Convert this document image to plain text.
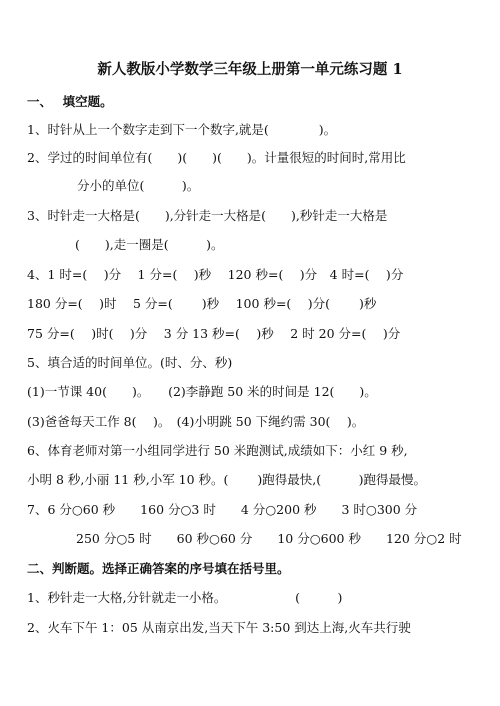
新人教版小学数学三年级上册第一单元练习题 1
一、　 填空题。
1、时针从上一个数字走到下一个数字,就是(　　　　)。
2、学过的时间单位有(　　)(　　)(　　)。计量很短的时间时,常用比
分小的单位(　　　)。
3、时针走一大格是(　　),分针走一大格是(　　),秒针走一大格是
(　　),走一圈是(　　　)。
4、1 时=(　 )分　 1 分=(　 )秒　 120 秒=(　 )分　4 时=(　 )分
180 分=(　 )时　 5 分=(　　 )秒　 100 秒=(　 )分(　　 )秒
75 分=(　 )时(　 )分　 3 分 13 秒=(　 )秒　 2 时 20 分=(　 )分
5、填合适的时间单位。(时、分、秒)
(1)一节课 40(　　)。　　(2)李静跑 50 米的时间是 12(　　)。
(3)爸爸每天工作 8(　 )。　(4)小明跳 50 下绳约需 30(　 )。
6、体育老师对第一小组同学进行 50 米跑测试,成绩如下：小红 9 秒,
小明 8 秒,小丽 11 秒,小军 10 秒。(　　 )跑得最快,(　　　)跑得最慢。
7、6 分○60 秒　　160 分○3 时　　4 分○200 秒　　3 时○300 分
250 分○5 时　　60 秒○60 分　　10 分○600 秒　　120 分○2 时
二、判断题。选择正确答案的序号填在括号里。
1、秒针走一大格,分针就走一小格。　　　　　　(　　　)
2、火车下午 1：05 从南京出发,当天下午 3:50 到达上海,火车共行驶
